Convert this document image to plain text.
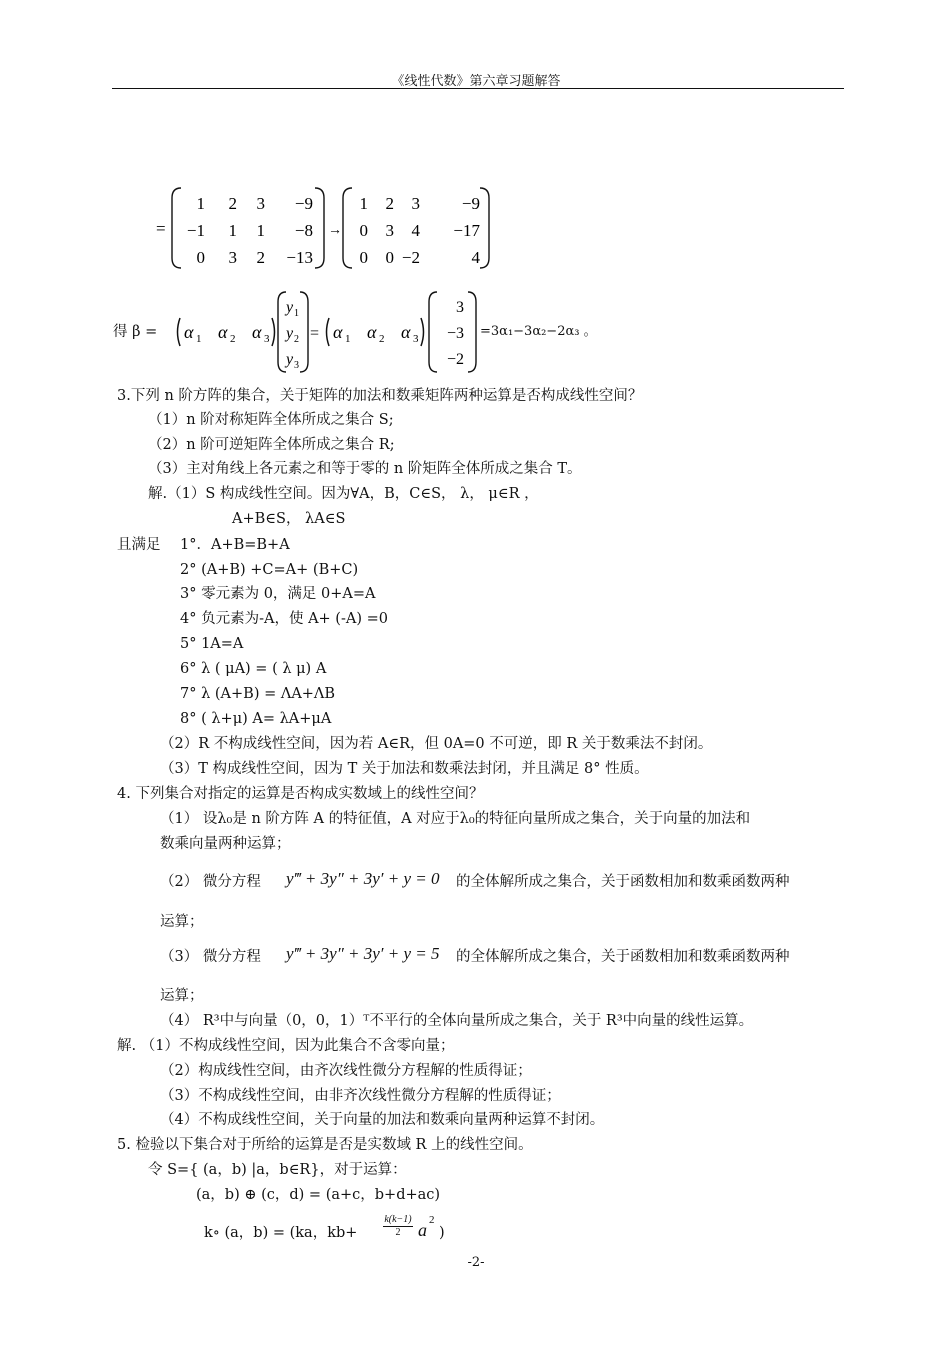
《线性代数》第六章习题解答
=
1 2 3 −9
−1 1 1 −8
0 3 2 −13
→
1 2 3 −9
0 3 4 −17
0 0 −2	4
得 β = α 1 α 2 α 3
y 1
y 2
y 3
= α 1 α 2 α 3
3
−3
−2
=3α₁−3α₂−2α₃ 。
3.下列 n 阶方阵的集合，关于矩阵的加法和数乘矩阵两种运算是否构成线性空间？
（1）n 阶对称矩阵全体所成之集合 S;
（2）n 阶可逆矩阵全体所成之集合 R;
（3）主对角线上各元素之和等于零的 n 阶矩阵全体所成之集合 T。
解.（1）S 构成线性空间。因为∀A，B，C∈S， λ， μ∈R ，
A+B∈S， λA∈S
且满足 1°．A+B=B+A
2° (A+B) +C=A+ (B+C)
3° 零元素为 0，满足 0+A=A
4° 负元素为-A，使 A+ (-A) =0
5° 1A=A
6° λ ( μA) = ( λ μ) A
7° λ (A+B) = ΛA+ΛB
8° ( λ+μ) A= λA+μA
（2）R 不构成线性空间，因为若 A∈R，但 0A=0 不可逆，即 R 关于数乘法不封闭。
（3）T 构成线性空间，因为 T 关于加法和数乘法封闭，并且满足 8° 性质。
4. 下列集合对指定的运算是否构成实数域上的线性空间？
（1） 设λ₀是 n 阶方阵 A 的特征值，A 对应于λ₀的特征向量所成之集合，关于向量的加法和
数乘向量两种运算；
（2） 微分方程 y‴ + 3y″ + 3y′ + y = 0 的全体解所成之集合，关于函数相加和数乘函数两种
运算；
（3） 微分方程 y‴ + 3y″ + 3y′ + y = 5 的全体解所成之集合，关于函数相加和数乘函数两种
运算；
（4） R³中与向量（0，0，1）ᵀ不平行的全体向量所成之集合，关于 R³中向量的线性运算。
解. （1）不构成线性空间，因为此集合不含零向量；
（2）构成线性空间，由齐次线性微分方程解的性质得证；
（3）不构成线性空间，由非齐次线性微分方程解的性质得证；
（4）不构成线性空间，关于向量的加法和数乘向量两种运算不封闭。
5. 检验以下集合对于所给的运算是否是实数域 R 上的线性空间。
令 S={ (a，b) |a，b∈R}，对于运算：
(a，b) ⊕ (c，d) = (a+c，b+d+ac)
k∘ (a，b) = (ka，kb+	$\frac{k(k-1)}{2}$ a 2
)
-2-
